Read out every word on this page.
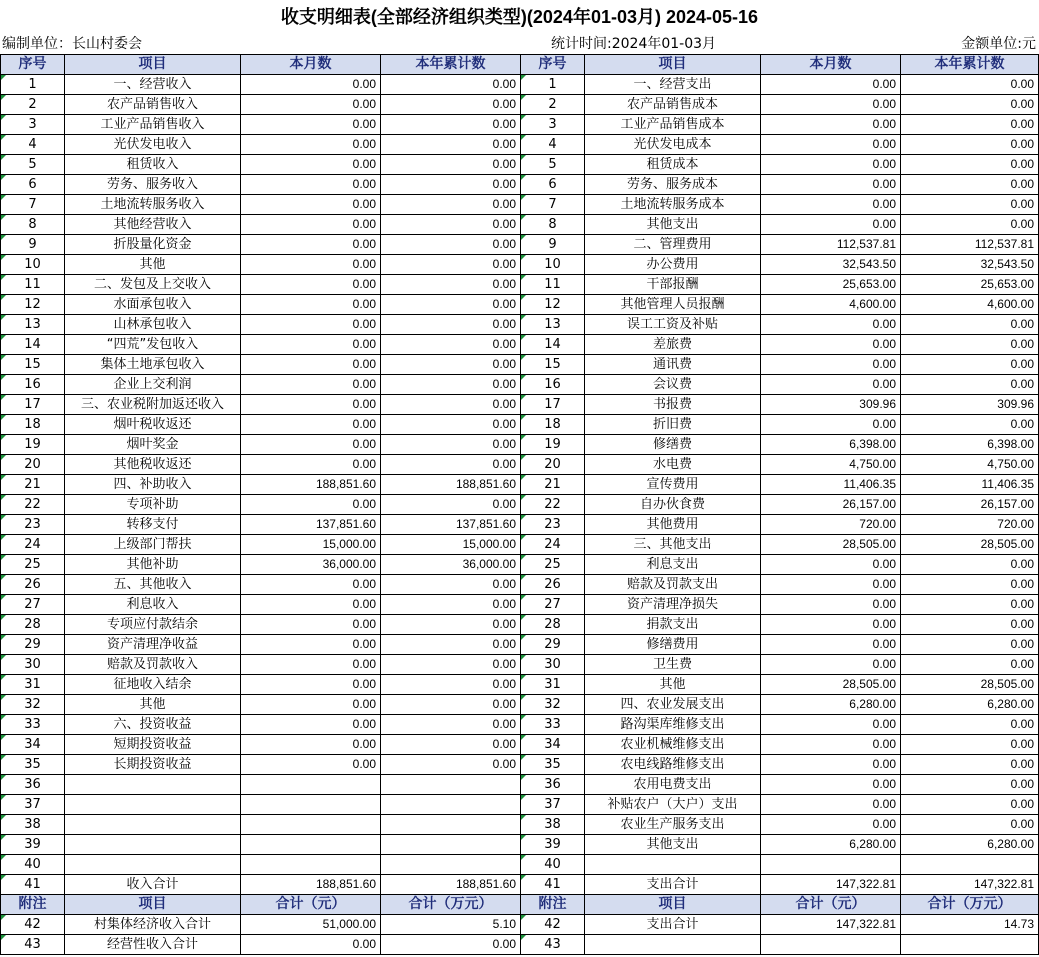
收支明细表(全部经济组织类型)(2024年01-03月) 2024-05-16
编制单位：长山村委会	统计时间:2024年01-03月	金额单位:元
序号	项目	本月数	本年累计数	序号	项目	本月数	本年累计数
1	一、经营收入	0.00	0.00	1	一、经营支出	0.00	0.00
2	农产品销售收入	0.00	0.00	2	农产品销售成本	0.00	0.00
3	工业产品销售收入	0.00	0.00	3	工业产品销售成本	0.00	0.00
4	光伏发电收入	0.00	0.00	4	光伏发电成本	0.00	0.00
5	租赁收入	0.00	0.00	5	租赁成本	0.00	0.00
6	劳务、服务收入	0.00	0.00	6	劳务、服务成本	0.00	0.00
7	土地流转服务收入	0.00	0.00	7	土地流转服务成本	0.00	0.00
8	其他经营收入	0.00	0.00	8	其他支出	0.00	0.00
9	折股量化资金	0.00	0.00	9	二、管理费用	112,537.81	112,537.81
10	其他	0.00	0.00	10	办公费用	32,543.50	32,543.50
11	二、发包及上交收入	0.00	0.00	11	干部报酬	25,653.00	25,653.00
12	水面承包收入	0.00	0.00	12	其他管理人员报酬	4,600.00	4,600.00
13	山林承包收入	0.00	0.00	13	误工工资及补贴	0.00	0.00
14	“四荒”发包收入	0.00	0.00	14	差旅费	0.00	0.00
15	集体土地承包收入	0.00	0.00	15	通讯费	0.00	0.00
16	企业上交利润	0.00	0.00	16	会议费	0.00	0.00
17	三、农业税附加返还收入	0.00	0.00	17	书报费	309.96	309.96
18	烟叶税收返还	0.00	0.00	18	折旧费	0.00	0.00
19	烟叶奖金	0.00	0.00	19	修缮费	6,398.00	6,398.00
20	其他税收返还	0.00	0.00	20	水电费	4,750.00	4,750.00
21	四、补助收入	188,851.60	188,851.60	21	宣传费用	11,406.35	11,406.35
22	专项补助	0.00	0.00	22	自办伙食费	26,157.00	26,157.00
23	转移支付	137,851.60	137,851.60	23	其他费用	720.00	720.00
24	上级部门帮扶	15,000.00	15,000.00	24	三、其他支出	28,505.00	28,505.00
25	其他补助	36,000.00	36,000.00	25	利息支出	0.00	0.00
26	五、其他收入	0.00	0.00	26	赔款及罚款支出	0.00	0.00
27	利息收入	0.00	0.00	27	资产清理净损失	0.00	0.00
28	专项应付款结余	0.00	0.00	28	捐款支出	0.00	0.00
29	资产清理净收益	0.00	0.00	29	修缮费用	0.00	0.00
30	赔款及罚款收入	0.00	0.00	30	卫生费	0.00	0.00
31	征地收入结余	0.00	0.00	31	其他	28,505.00	28,505.00
32	其他	0.00	0.00	32	四、农业发展支出	6,280.00	6,280.00
33	六、投资收益	0.00	0.00	33	路沟渠库维修支出	0.00	0.00
34	短期投资收益	0.00	0.00	34	农业机械维修支出	0.00	0.00
35	长期投资收益	0.00	0.00	35	农电线路维修支出	0.00	0.00
36				36	农用电费支出	0.00	0.00
37				37	补贴农户（大户）支出	0.00	0.00
38				38	农业生产服务支出	0.00	0.00
39				39	其他支出	6,280.00	6,280.00
40				40			
41	收入合计	188,851.60	188,851.60	41	支出合计	147,322.81	147,322.81
附注	项目	合计（元）	合计（万元）	附注	项目	合计（元）	合计（万元）
42	村集体经济收入合计	51,000.00	5.10	42	支出合计	147,322.81	14.73
43	经营性收入合计	0.00	0.00	43			
